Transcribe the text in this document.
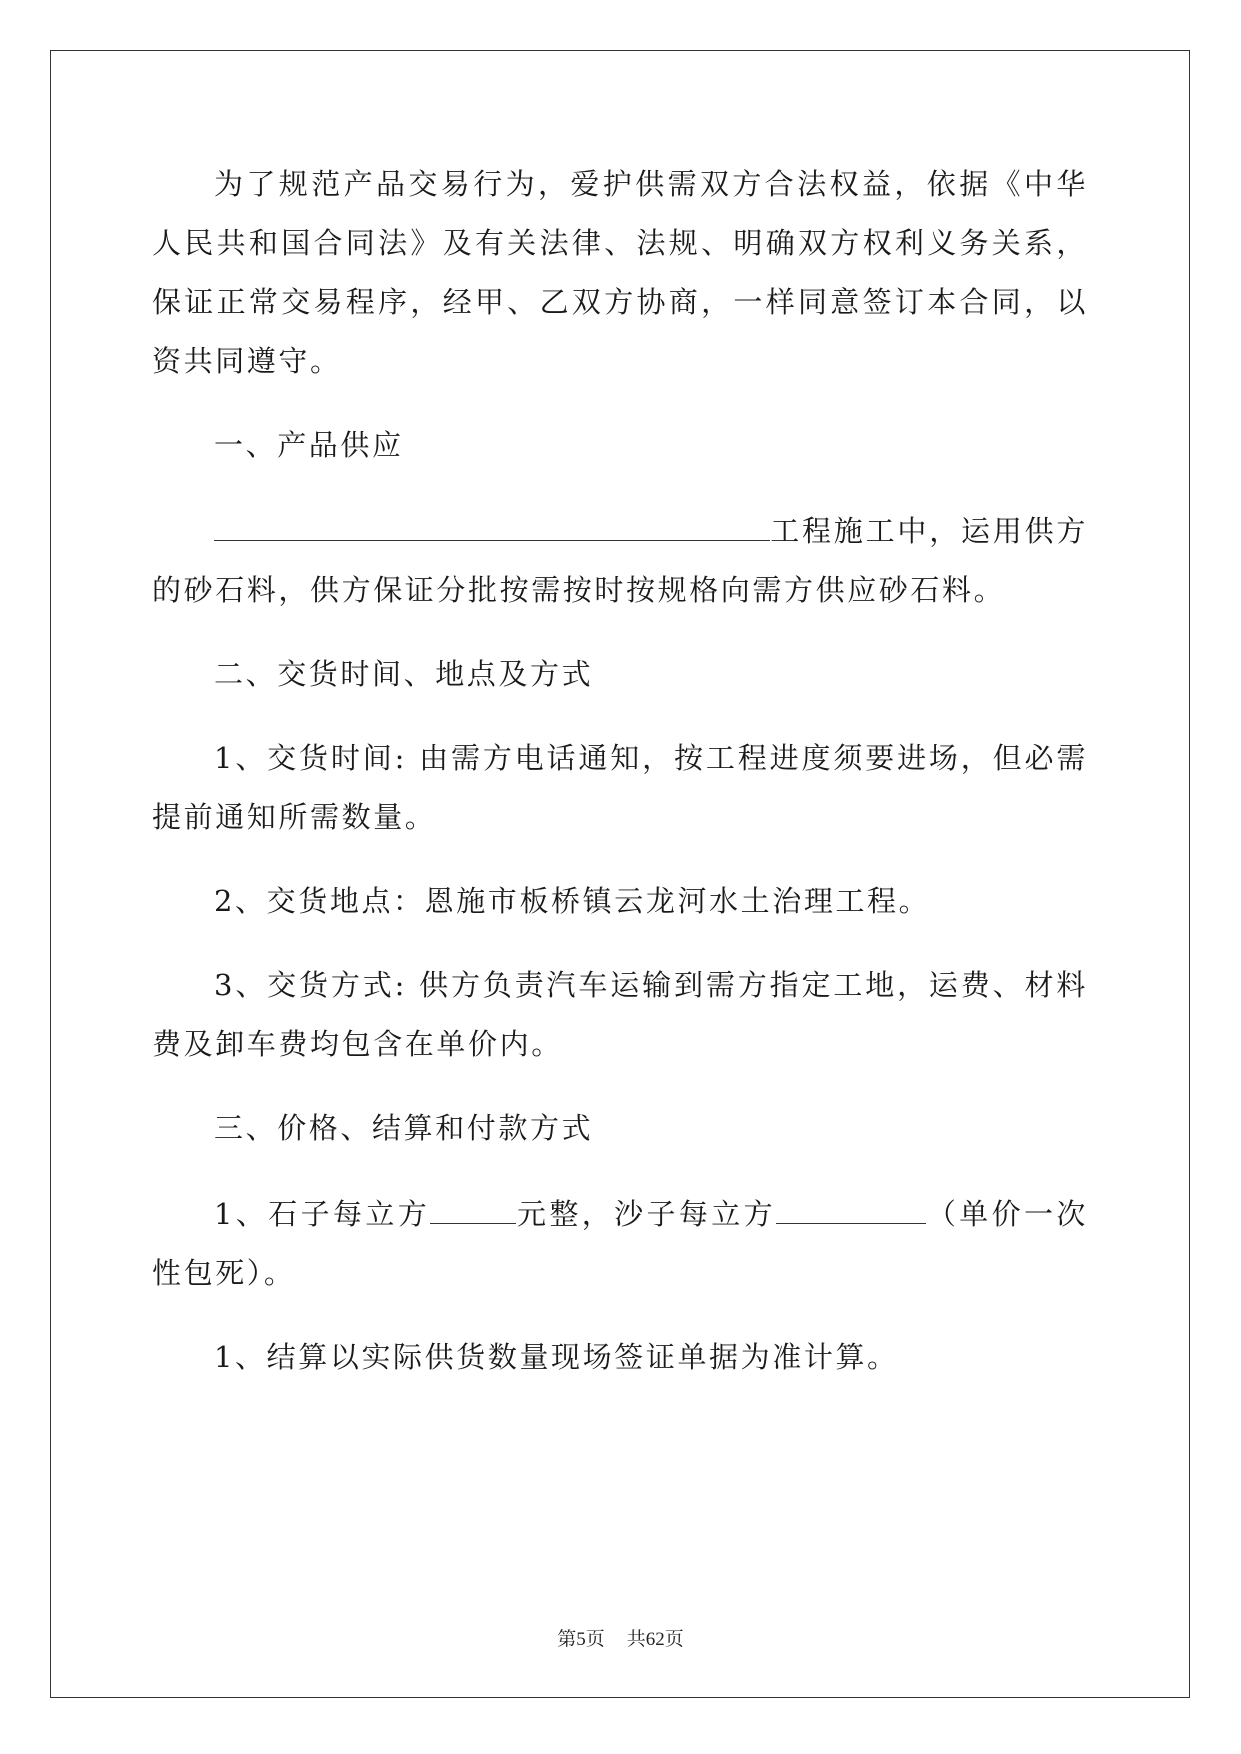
为了规范产品交易行为，爱护供需双方合法权益，依据《中华人民共和国合同法》及有关法律、法规、明确双方权利义务关系，保证正常交易程序，经甲、乙双方协商，一样同意签订本合同，以资共同遵守。

一、产品供应

工程施工中，运用供方的砂石料，供方保证分批按需按时按规格向需方供应砂石料。

二、交货时间、地点及方式

1、交货时间: 由需方电话通知，按工程进度须要进场，但必需提前通知所需数量。

2、交货地点：恩施市板桥镇云龙河水土治理工程。

3、交货方式: 供方负责汽车运输到需方指定工地，运费、材料费及卸车费均包含在单价内。

三、价格、结算和付款方式

1、石子每立方	元整，沙子每立方	（单价一次性包死）。

1、结算以实际供货数量现场签证单据为准计算。

第5页 共62页
